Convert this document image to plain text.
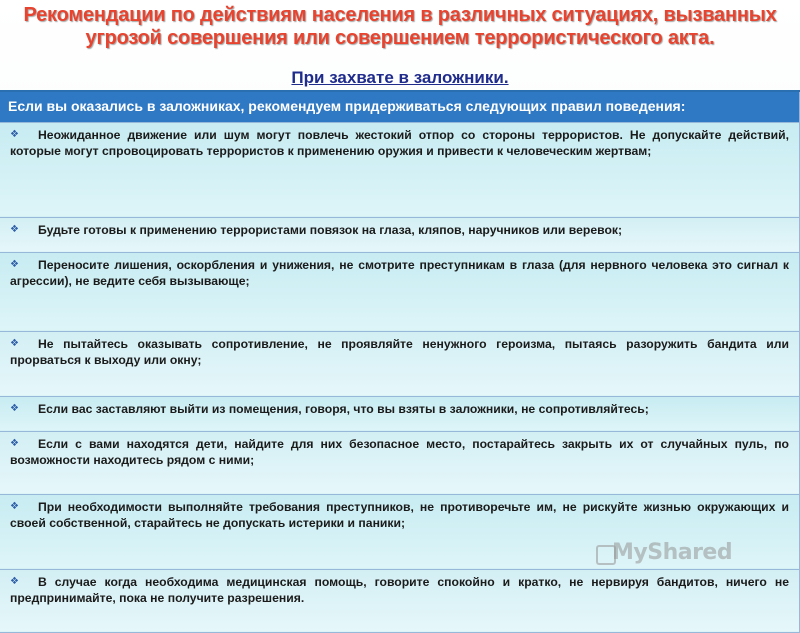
Рекомендации по действиям населения в различных ситуациях, вызванных
угрозой совершения или совершением террористического акта.
При захвате в заложники.
Если вы оказались в заложниках, рекомендуем придерживаться следующих правил поведения:
❖ Неожиданное движение или шум могут повлечь жестокий отпор со стороны террористов. Не допускайте действий, которые могут спровоцировать террористов к применению оружия и привести к человеческим жертвам;
❖ Будьте готовы к применению террористами повязок на глаза, кляпов, наручников или веревок;
❖ Переносите лишения, оскорбления и унижения, не смотрите преступникам в глаза (для нервного человека это сигнал к агрессии), не ведите себя вызывающе;
❖ Не пытайтесь оказывать сопротивление, не проявляйте ненужного героизма, пытаясь разоружить бандита или прорваться к выходу или окну;
❖ Если вас заставляют выйти из помещения, говоря, что вы взяты в заложники, не сопротивляйтесь;
❖ Если с вами находятся дети, найдите для них безопасное место, постарайтесь закрыть их от случайных пуль, по возможности находитесь рядом с ними;
❖ При необходимости выполняйте требования преступников, не противоречьте им, не рискуйте жизнью окружающих и своей собственной, старайтесь не допускать истерики и паники;
❖ В случае когда необходима медицинская помощь, говорите спокойно и кратко, не нервируя бандитов, ничего не предпринимайте, пока не получите разрешения.
MyShared
